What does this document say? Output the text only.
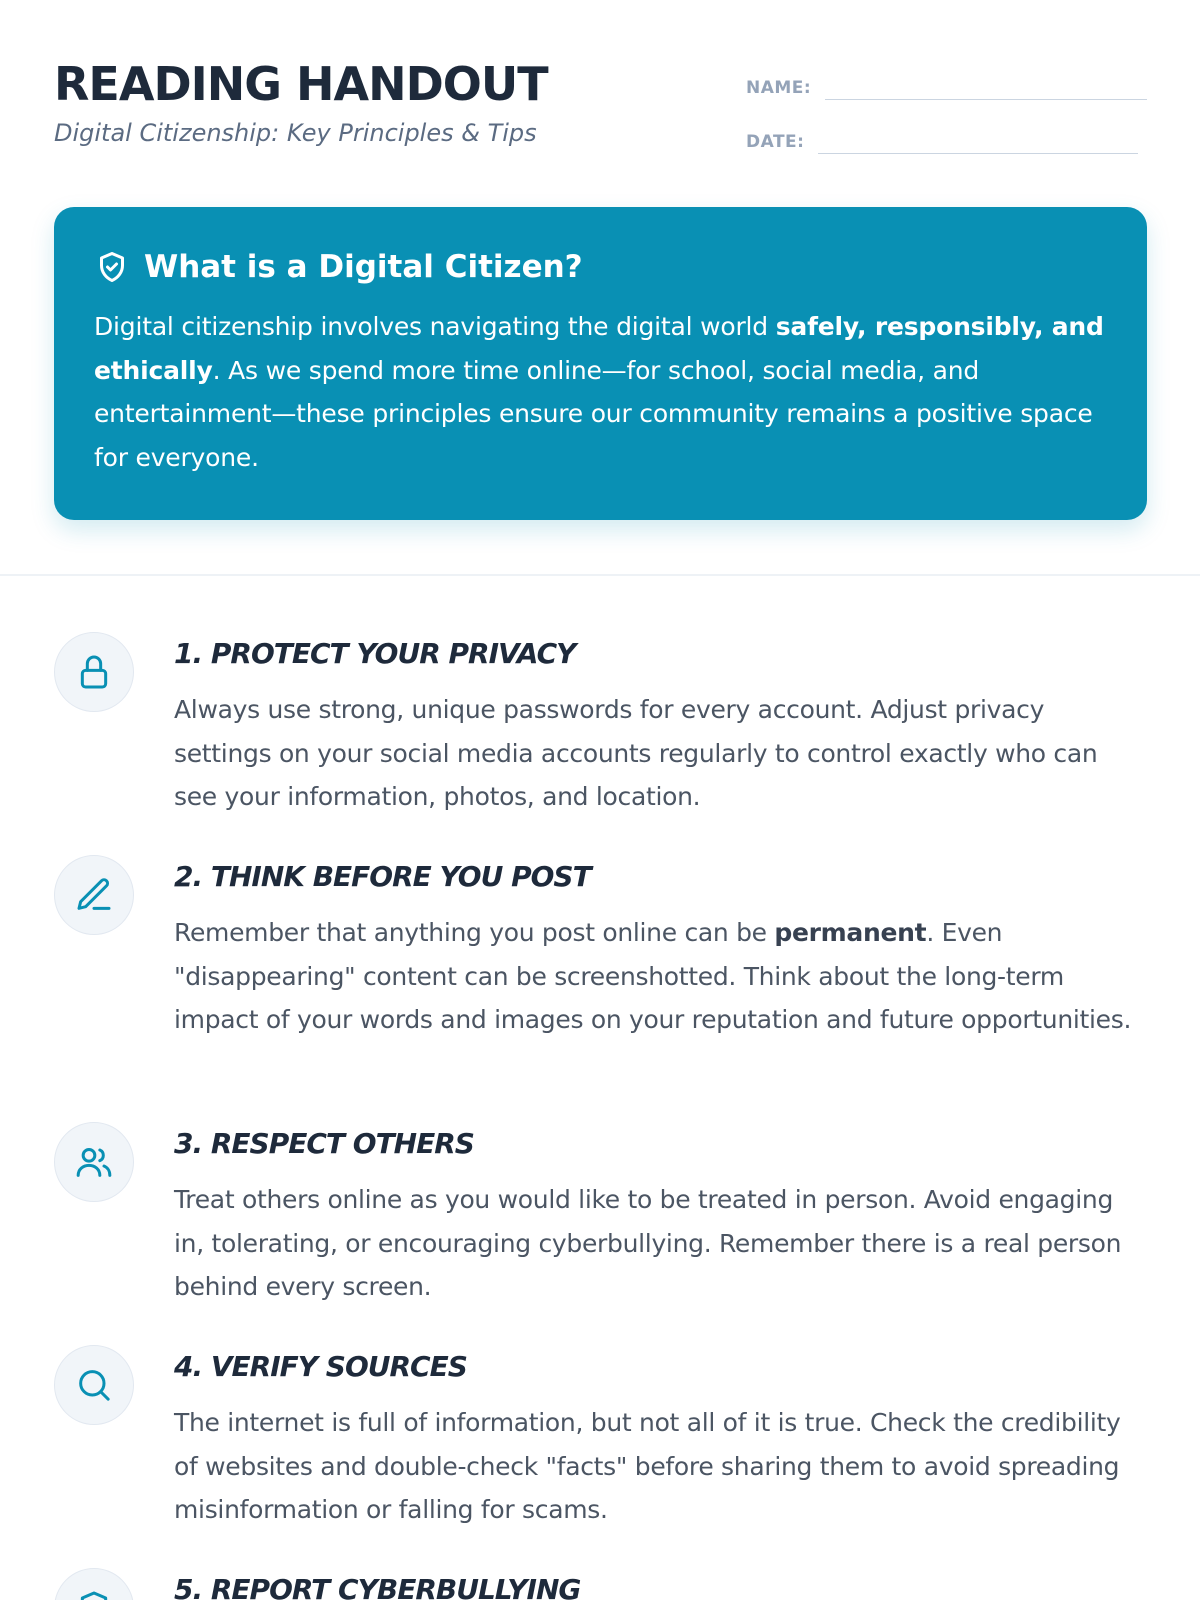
READING HANDOUT
Digital Citizenship: Key Principles & Tips
NAME:
DATE:
What is a Digital Citizen?

Digital citizenship involves navigating the digital world safely, responsibly, and ethically. As we spend more time online—for school, social media, and entertainment—these principles ensure our community remains a positive space for everyone.

1. PROTECT YOUR PRIVACY

Always use strong, unique passwords for every account. Adjust privacy settings on your social media accounts regularly to control exactly who can see your information, photos, and location.

2. THINK BEFORE YOU POST

Remember that anything you post online can be permanent. Even "disappearing" content can be screenshotted. Think about the long-term impact of your words and images on your reputation and future opportunities.

3. RESPECT OTHERS

Treat others online as you would like to be treated in person. Avoid engaging in, tolerating, or encouraging cyberbullying. Remember there is a real person behind every screen.

4. VERIFY SOURCES

The internet is full of information, but not all of it is true. Check the credibility of websites and double-check "facts" before sharing them to avoid spreading misinformation or falling for scams.

5. REPORT CYBERBULLYING
